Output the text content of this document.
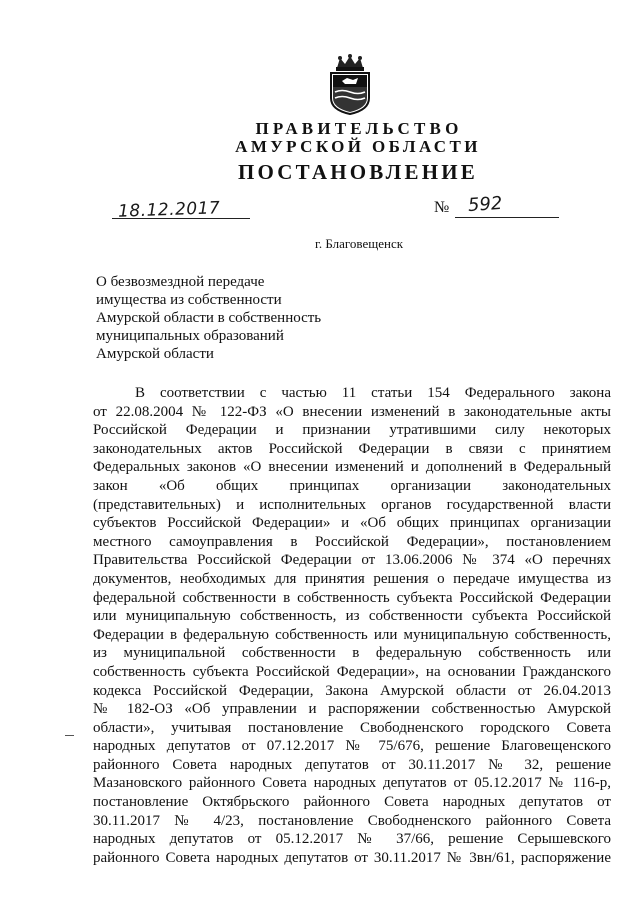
ПРАВИТЕЛЬСТВО
АМУРСКОЙ ОБЛАСТИ
ПОСТАНОВЛЕНИЕ
18.12.2017	№ 592
г. Благовещенск
О безвозмездной передаче
имущества из собственности
Амурской области в собственность
муниципальных образований
Амурской области
В соответствии с частью 11 статьи 154 Федерального закона
от 22.08.2004 № 122-ФЗ «О внесении изменений в законодательные акты
Российской Федерации и признании утратившими силу некоторых
законодательных актов Российской Федерации в связи с принятием
Федеральных законов «О внесении изменений и дополнений в Федеральный
закон «Об общих принципах организации законодательных
(представительных) и исполнительных органов государственной власти
субъектов Российской Федерации» и «Об общих принципах организации
местного самоуправления в Российской Федерации», постановлением
Правительства Российской Федерации от 13.06.2006 № 374 «О перечнях
документов, необходимых для принятия решения о передаче имущества из
федеральной собственности в собственность субъекта Российской Федерации
или муниципальную собственность, из собственности субъекта Российской
Федерации в федеральную собственность или муниципальную собственность,
из муниципальной собственности в федеральную собственность или
собственность субъекта Российской Федерации», на основании Гражданского
кодекса Российской Федерации, Закона Амурской области от 26.04.2013
№ 182-ОЗ «Об управлении и распоряжении собственностью Амурской
области», учитывая постановление Свободненского городского Совета
народных депутатов от 07.12.2017 № 75/676, решение Благовещенского
районного Совета народных депутатов от 30.11.2017 № 32, решение
Мазановского районного Совета народных депутатов от 05.12.2017 № 116-р,
постановление Октябрьского районного Совета народных депутатов от
30.11.2017 № 4/23, постановление Свободненского районного Совета
народных депутатов от 05.12.2017 № 37/66, решение Серышевского
районного Совета народных депутатов от 30.11.2017 № 3вн/61, распоряжение
